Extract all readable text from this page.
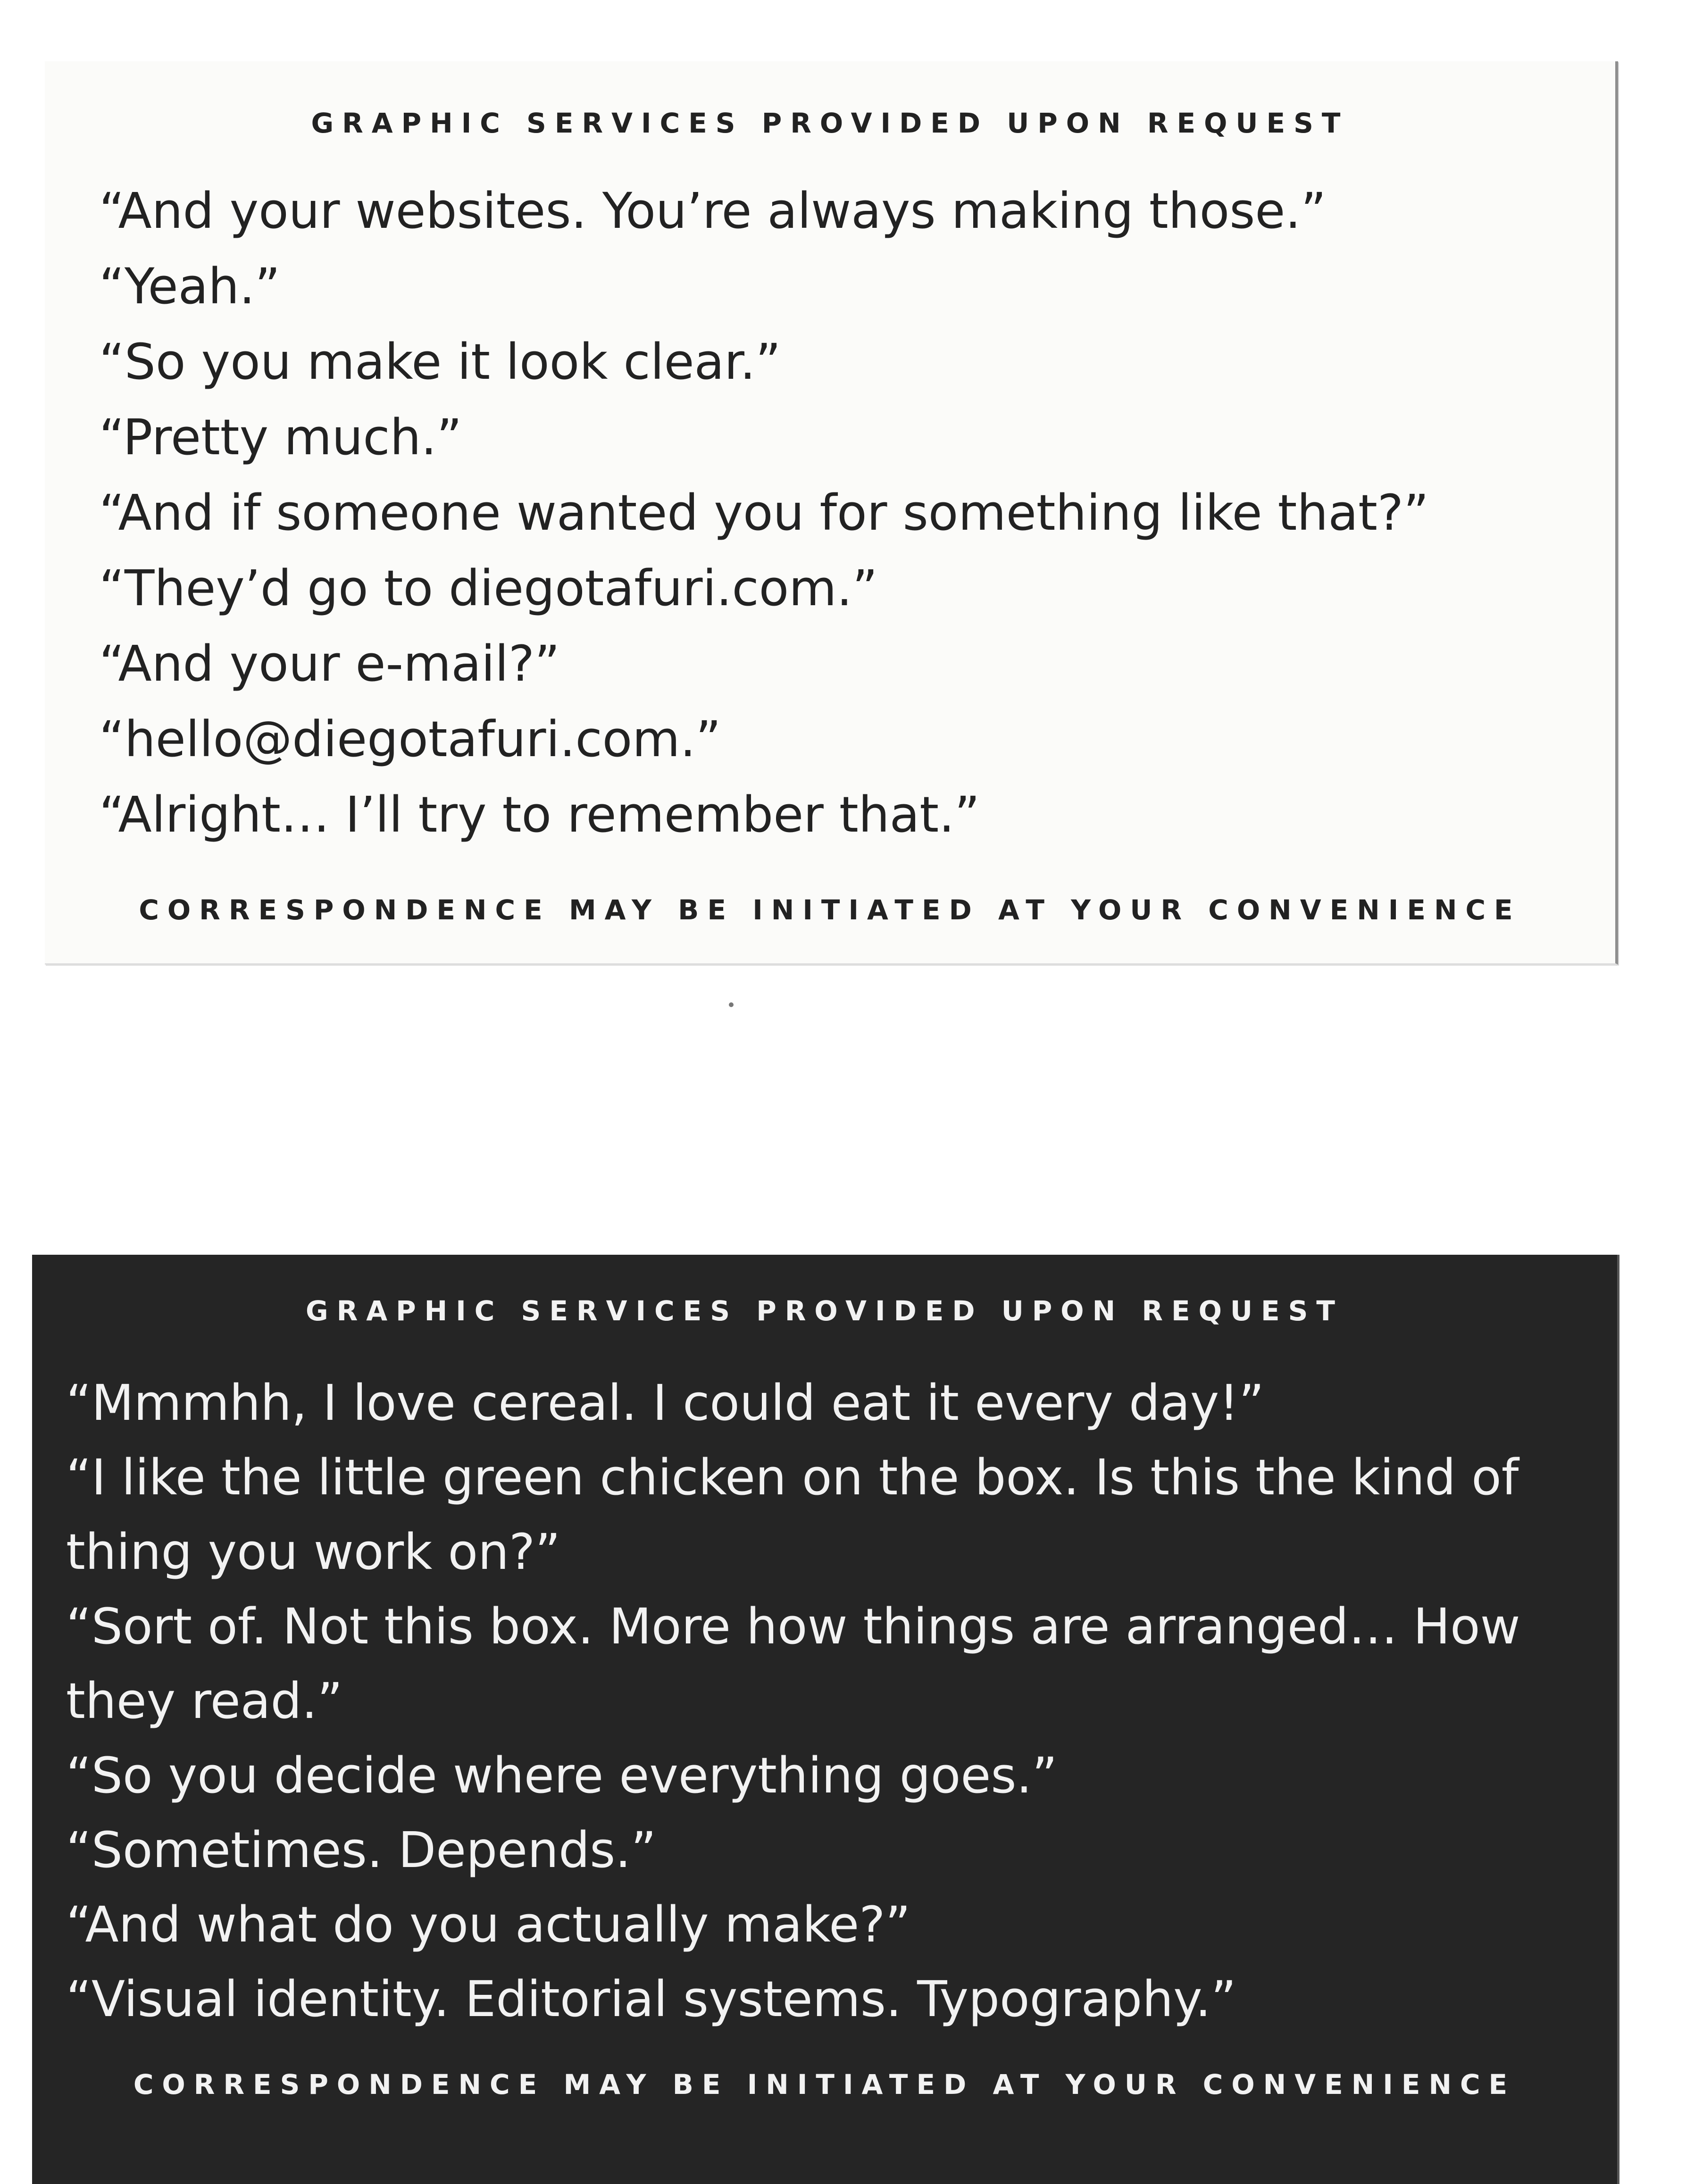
GRAPHIC SERVICES PROVIDED UPON REQUEST
“And your websites. You’re always making those.”
“Yeah.”
“So you make it look clear.”
“Pretty much.”
“And if someone wanted you for something like that?”
“They’d go to diegotafuri.com.”
“And your e-mail?”
“hello@diegotafuri.com.”
“Alright… I’ll try to remember that.”
CORRESPONDENCE MAY BE INITIATED AT YOUR CONVENIENCE
GRAPHIC SERVICES PROVIDED UPON REQUEST
“Mmmhh, I love cereal. I could eat it every day!”
“I like the little green chicken on the box. Is this the kind of thing you work on?”
“Sort of. Not this box. More how things are arranged… How they read.”
“So you decide where everything goes.”
“Sometimes. Depends.”
“And what do you actually make?”
“Visual identity. Editorial systems. Typography.”
CORRESPONDENCE MAY BE INITIATED AT YOUR CONVENIENCE
